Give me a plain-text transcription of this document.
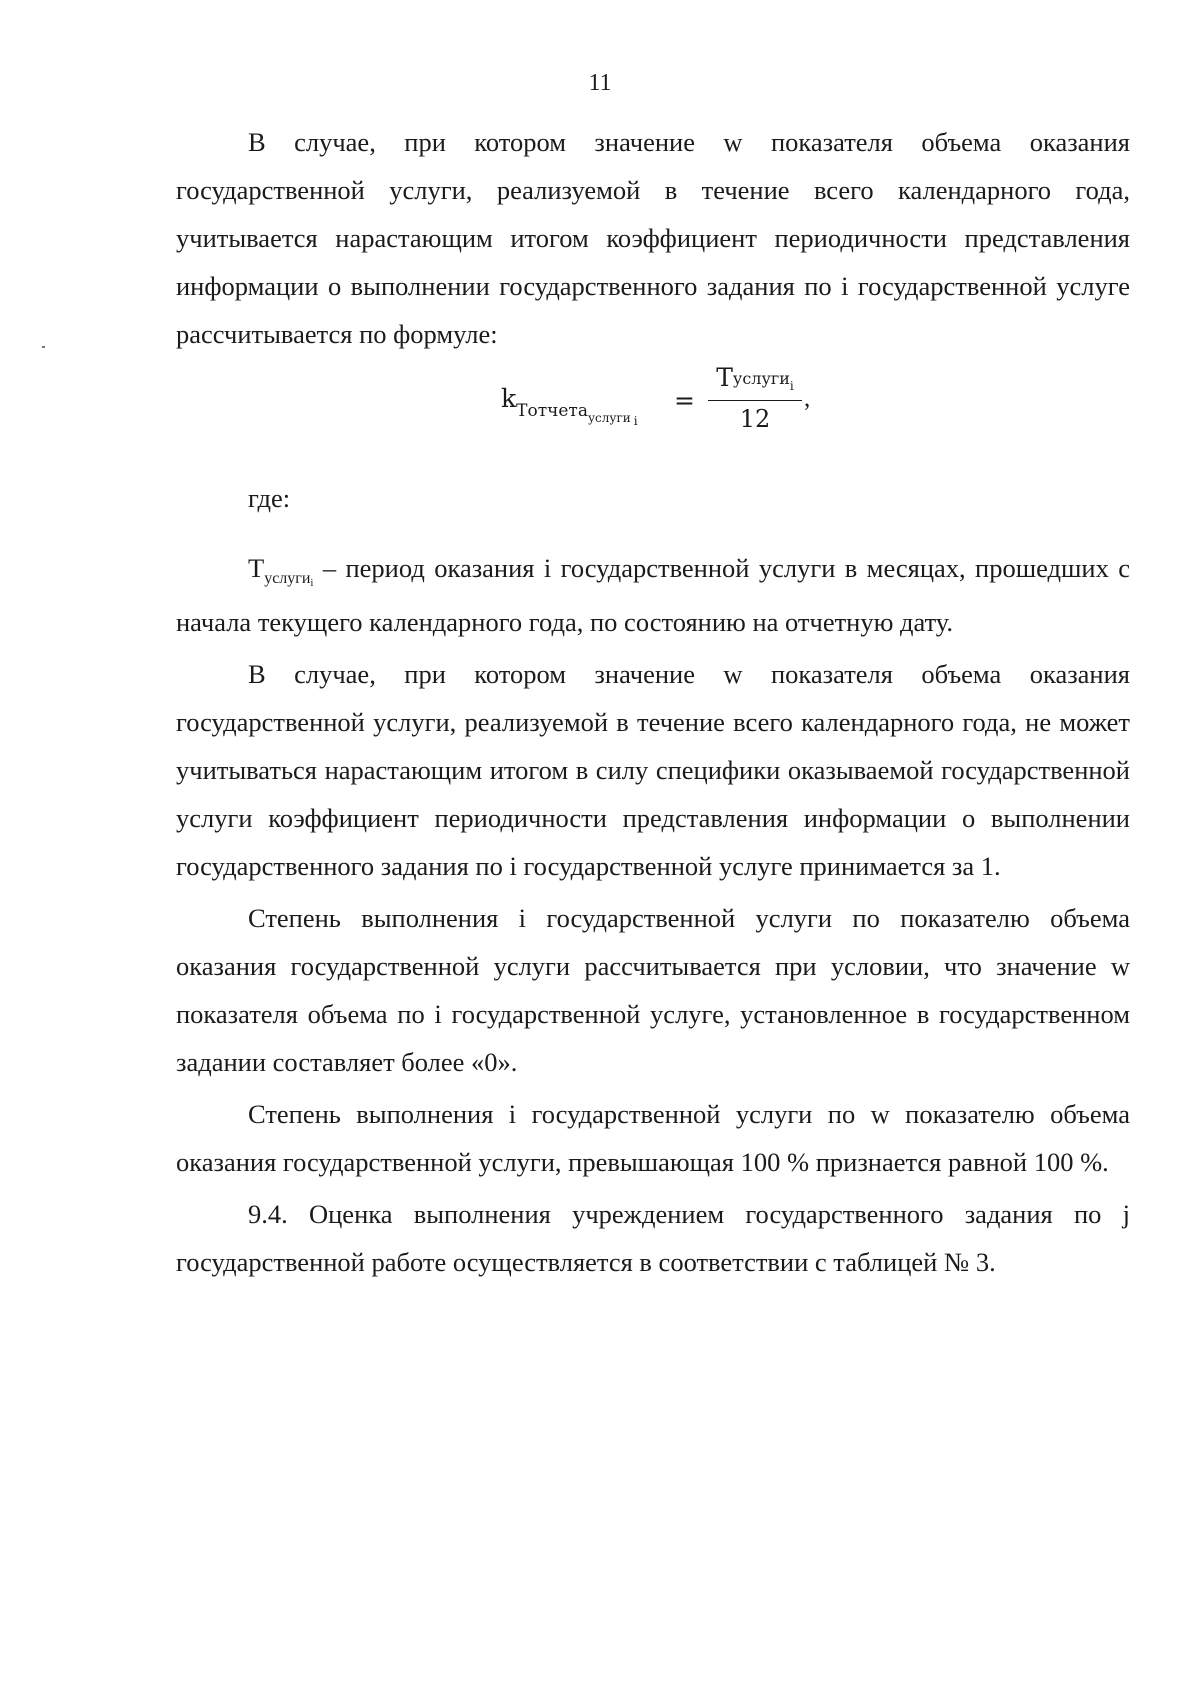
11

В случае, при котором значение w показателя объема оказания государственной услуги, реализуемой в течение всего календарного года, учитывается нарастающим итогом коэффициент периодичности представления информации о выполнении государственного задания по i государственной услуге рассчитывается по формуле:

$k_{Тотчета_{услуги}}$ $_{_i}$
=
Туслугиi
12
,

где:

$Т_{услугиi}$ – период оказания i государственной услуги в месяцах, прошедших с начала текущего календарного года, по состоянию на отчетную дату.

В случае, при котором значение w показателя объема оказания государственной услуги, реализуемой в течение всего календарного года, не может учитываться нарастающим итогом в силу специфики оказываемой государственной услуги коэффициент периодичности представления информации о выполнении государственного задания по i государственной услуге принимается за 1.

Степень выполнения i государственной услуги по показателю объема оказания государственной услуги рассчитывается при условии, что значение w показателя объема по i государственной услуге, установленное в государственном задании составляет более «0».

Степень выполнения i государственной услуги по w показателю объема оказания государственной услуги, превышающая 100 % признается равной 100 %.

9.4. Оценка выполнения учреждением государственного задания по j государственной работе осуществляется в соответствии с таблицей № 3.
